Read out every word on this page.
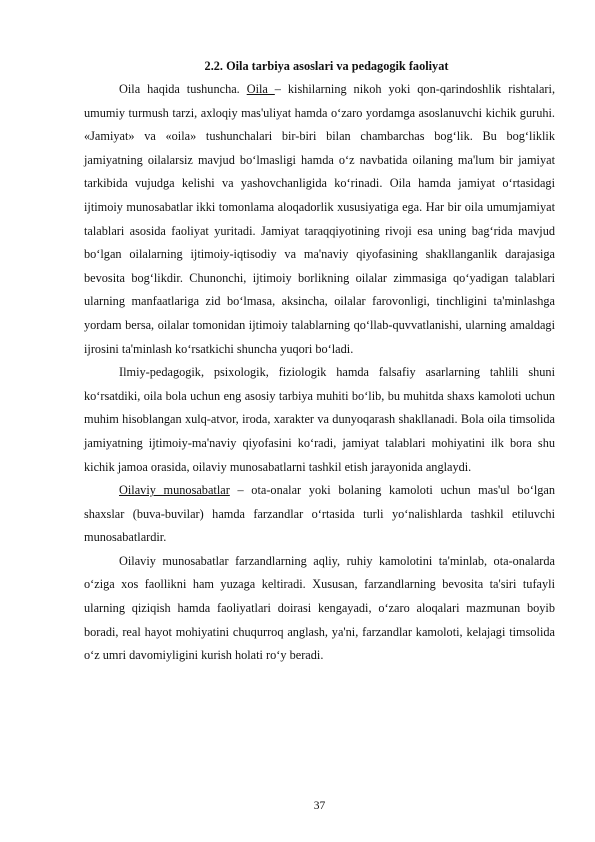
2.2. Oila tarbiya asoslari va pedagogik faoliyat

Oila haqida tushuncha. Oila – kishilarning nikoh yoki qon-qarindoshlik rishtalari, umumiy turmush tarzi, axloqiy mas'uliyat hamda o‘zaro yordamga asoslanuvchi kichik guruhi. «Jamiyat» va «oila» tushunchalari bir-biri bilan chambarchas bog‘lik. Bu bog‘liklik jamiyatning oilalarsiz mavjud bo‘lmasligi hamda o‘z navbatida oilaning ma'lum bir jamiyat tarkibida vujudga kelishi va yashovchanligida ko‘rinadi. Oila hamda jamiyat o‘rtasidagi ijtimoiy munosabatlar ikki tomonlama aloqadorlik xususiyatiga ega. Har bir oila umumjamiyat talablari asosida faoliyat yuritadi. Jamiyat taraqqiyotining rivoji esa uning bag‘rida mavjud bo‘lgan oilalarning ijtimoiy-iqtisodiy va ma'naviy qiyofasining shakllanganlik darajasiga bevosita bog‘likdir. Chunonchi, ijtimoiy borlikning oilalar zimmasiga qo‘yadigan talablari ularning manfaatlariga zid bo‘lmasa, aksincha, oilalar farovonligi, tinchligini ta'minlashga yordam bersa, oilalar tomonidan ijtimoiy talablarning qo‘llab-quvvatlanishi, ularning amaldagi ijrosini ta'minlash ko‘rsatkichi shuncha yuqori bo‘ladi.

Ilmiy-pedagogik, psixologik, fiziologik hamda falsafiy asarlarning tahlili shuni ko‘rsatdiki, oila bola uchun eng asosiy tarbiya muhiti bo‘lib, bu muhitda shaxs kamoloti uchun muhim hisoblangan xulq-atvor, iroda, xarakter va dunyoqarash shakllanadi. Bola oila timsolida jamiyatning ijtimoiy-ma'naviy qiyofasini ko‘radi, jamiyat talablari mohiyatini ilk bora shu kichik jamoa orasida, oilaviy munosabatlarni tashkil etish jarayonida anglaydi.

Oilaviy munosabatlar – ota-onalar yoki bolaning kamoloti uchun mas'ul bo‘lgan shaxslar (buva-buvilar) hamda farzandlar o‘rtasida turli yo‘nalishlarda tashkil etiluvchi munosabatlardir.

Oilaviy munosabatlar farzandlarning aqliy, ruhiy kamolotini ta'minlab, ota-onalarda o‘ziga xos faollikni ham yuzaga keltiradi. Xususan, farzandlarning bevosita ta'siri tufayli ularning qiziqish hamda faoliyatlari doirasi kengayadi, o‘zaro aloqalari mazmunan boyib boradi, real hayot mohiyatini chuqurroq anglash, ya'ni, farzandlar kamoloti, kelajagi timsolida o‘z umri davomiyligini kurish holati ro‘y beradi.

37
